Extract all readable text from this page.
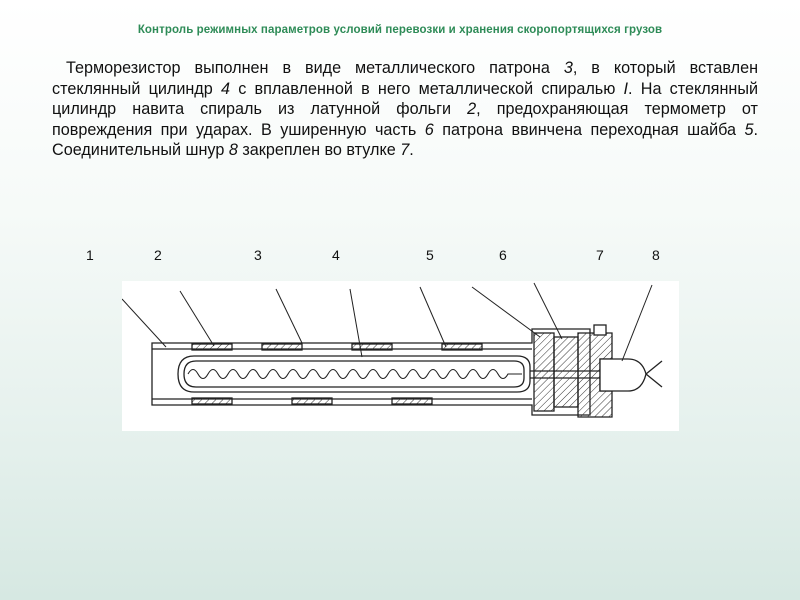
Контроль режимных параметров условий перевозки и хранения скоропортящихся грузов
Терморезистор выполнен в виде металлического патрона 3, в который вставлен стеклянный цилиндр 4 с вплавленной в него металлической спиралью I. На стеклянный цилиндр навита спираль из латунной фольги 2, предохраняющая термометр от повреждения при ударах. В уширенную часть 6 патрона ввинчена переходная шайба 5. Соединительный шнур 8 закреплен во втулке 7.
1	2	3	4	5	6	7	8
